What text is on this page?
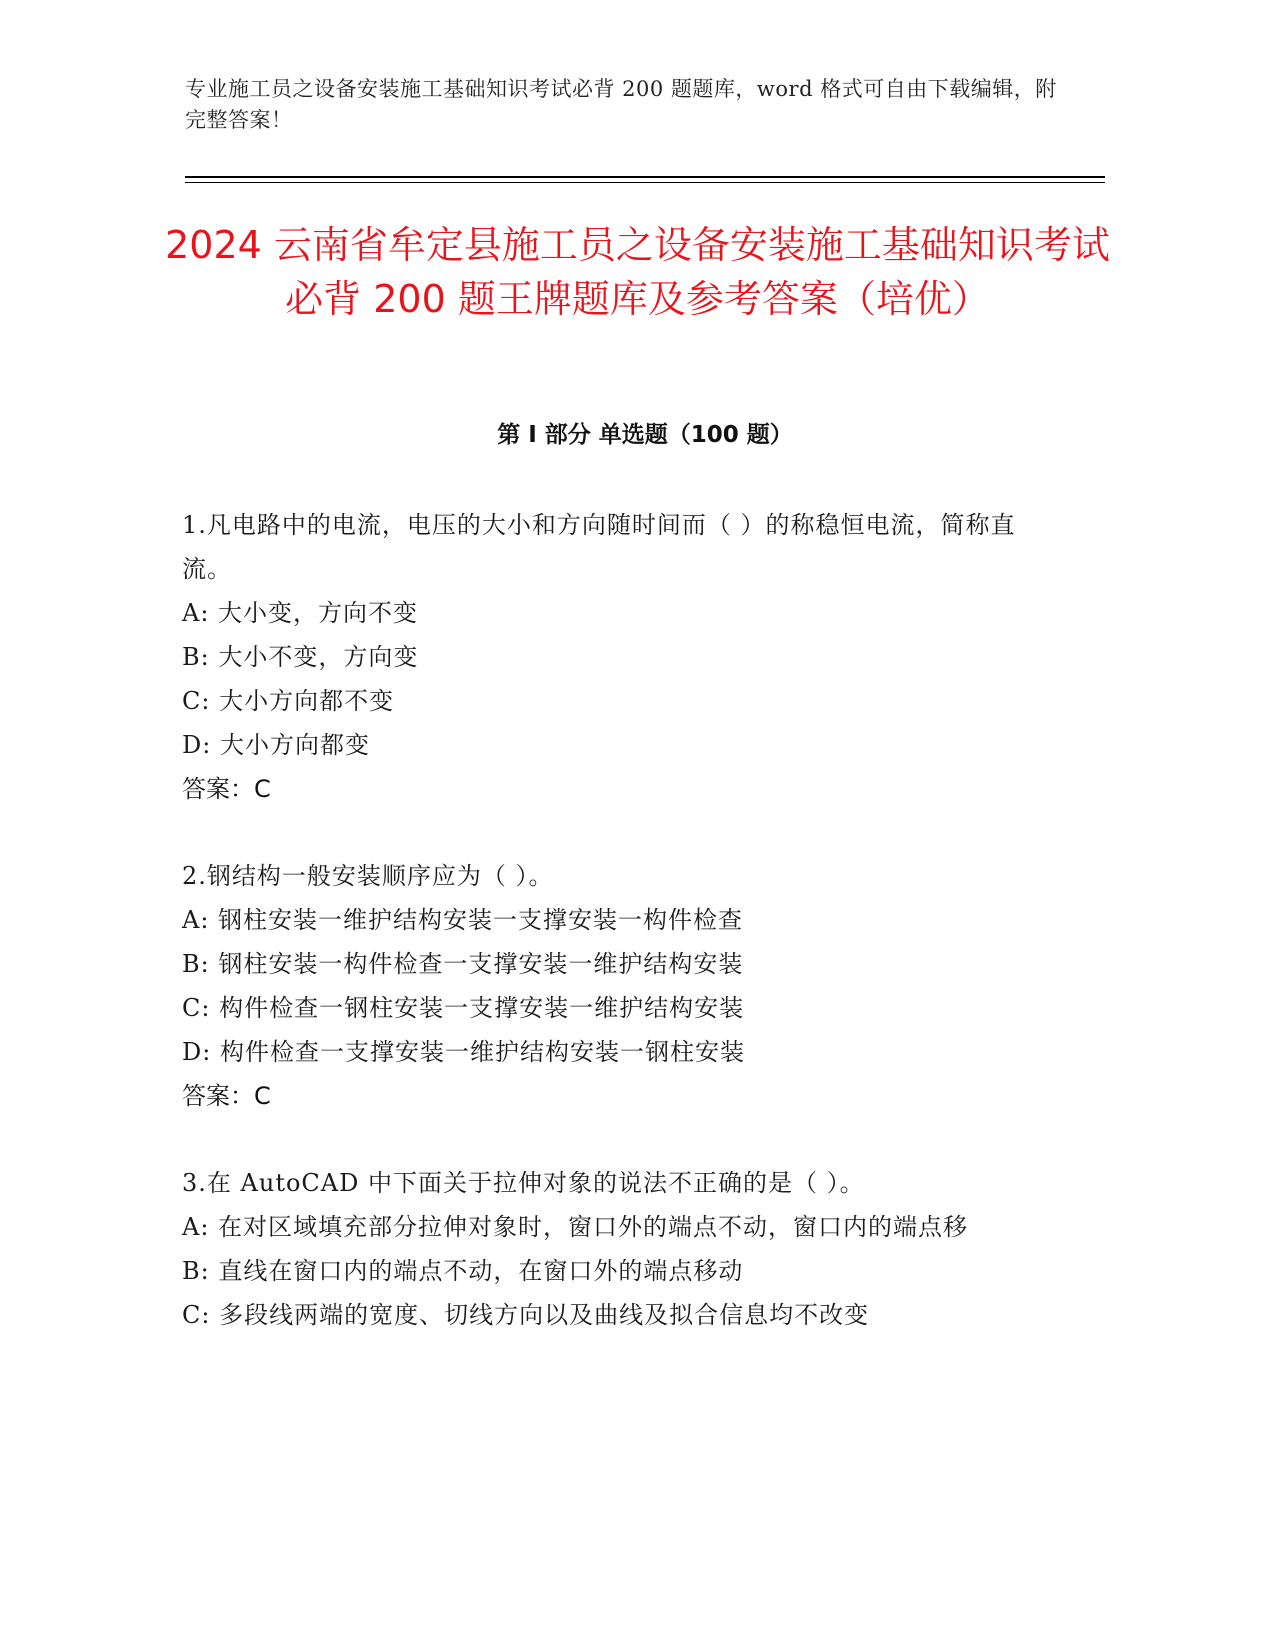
专业施工员之设备安装施工基础知识考试必背 200 题题库，word 格式可自由下载编辑，附完整答案！
2024 云南省牟定县施工员之设备安装施工基础知识考试必背 200 题王牌题库及参考答案（培优）
第 I 部分 单选题（100 题）
1.凡电路中的电流，电压的大小和方向随时间而（ ）的称稳恒电流，简称直流。
A: 大小变，方向不变
B: 大小不变，方向变
C: 大小方向都不变
D: 大小方向都变
答案：C
2.钢结构一般安装顺序应为（ ）。
A: 钢柱安装一维护结构安装一支撑安装一构件检查
B: 钢柱安装一构件检查一支撑安装一维护结构安装
C: 构件检查一钢柱安装一支撑安装一维护结构安装
D: 构件检查一支撑安装一维护结构安装一钢柱安装
答案：C
3.在 AutoCAD 中下面关于拉伸对象的说法不正确的是（ ）。
A: 在对区域填充部分拉伸对象时，窗口外的端点不动，窗口内的端点移
B: 直线在窗口内的端点不动，在窗口外的端点移动
C: 多段线两端的宽度、切线方向以及曲线及拟合信息均不改变
